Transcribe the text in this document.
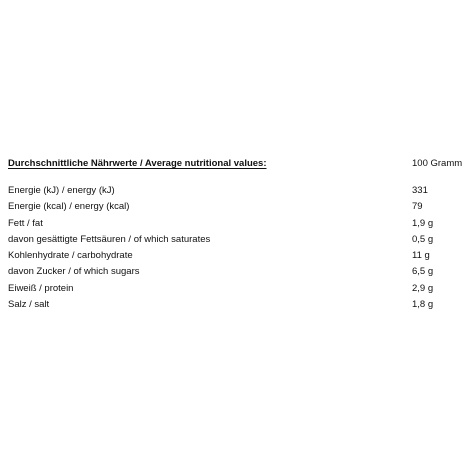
Durchschnittliche Nährwerte / Average nutritional values:	100 Gramm
Energie (kJ) / energy (kJ)	331
Energie (kcal) / energy (kcal)	79
Fett / fat	1,9 g
davon gesättigte Fettsäuren / of which saturates	0,5 g
Kohlenhydrate / carbohydrate	11 g
davon Zucker / of which sugars	6,5 g
Eiweiß / protein	2,9 g
Salz / salt	1,8 g
